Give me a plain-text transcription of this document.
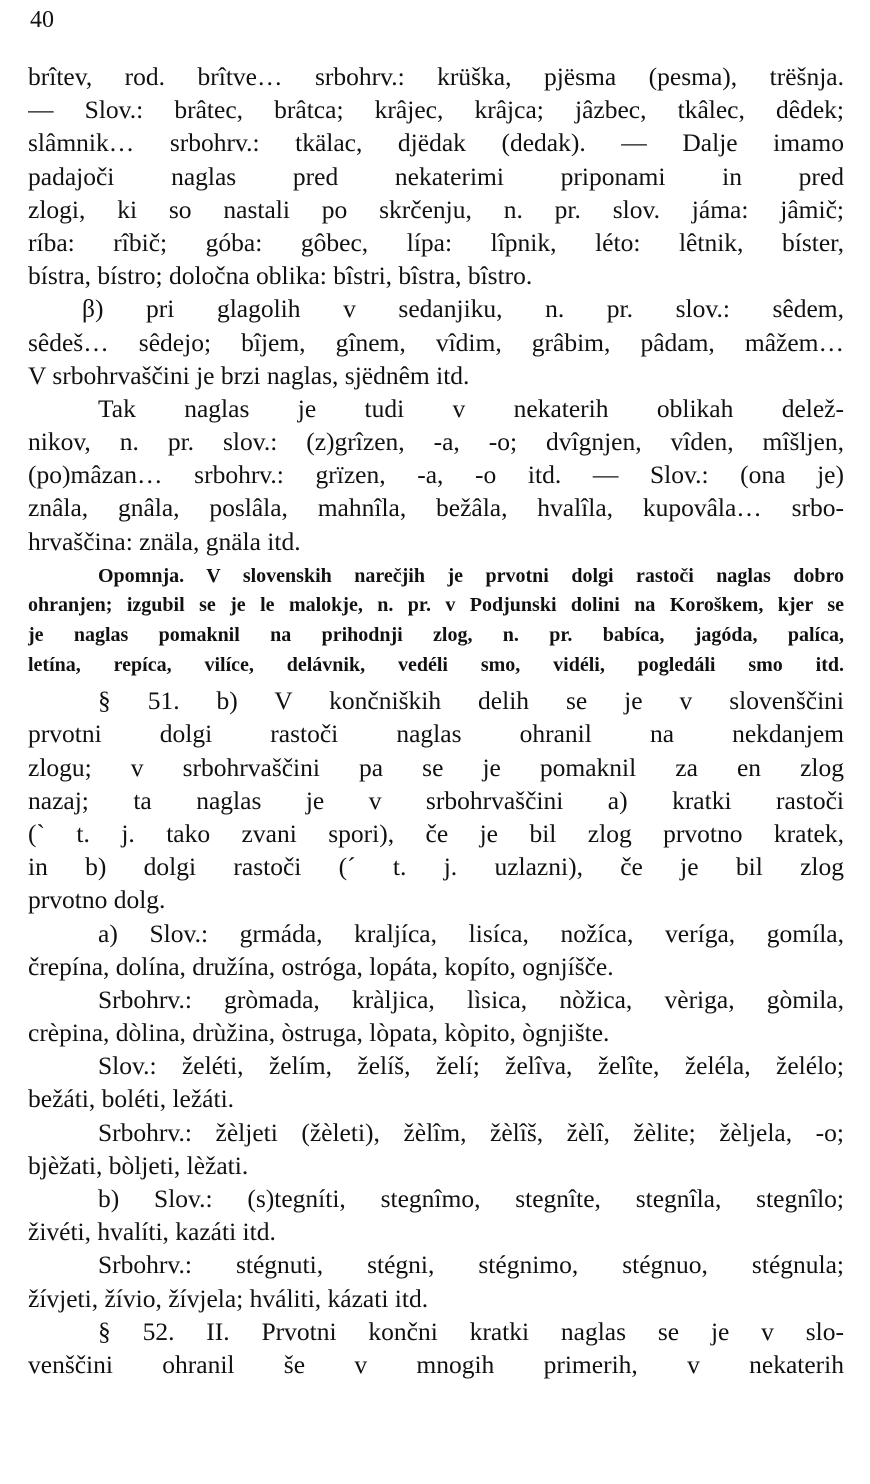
40
brîtev, rod. brîtve… srbohrv.: krüška, pjësma (pesma), trëšnja.
— Slov.: brâtec, brâtca; krâjec, krâjca; jâzbec, tkâlec, dêdek;
slâmnik… srbohrv.: tkälac, djëdak (dedak). — Dalje imamo
padajoči naglas pred nekaterimi priponami in pred
zlogi, ki so nastali po skrčenju, n. pr. slov. jáma: jâmič;
ríba: rîbič; góba: gôbec, lípa: lîpnik, léto: lêtnik, bíster,
bístra, bístro; določna oblika: bîstri, bîstra, bîstro.
β) pri glagolih v sedanjiku, n. pr. slov.: sêdem,
sêdeš… sêdejo; bîjem, gînem, vîdim, grâbim, pâdam, mâžem…
V srbohrvaščini je brzi naglas, sjëdnêm itd.
Tak naglas je tudi v nekaterih oblikah delež-
nikov, n. pr. slov.: (z)grîzen, -a, -o; dvîgnjen, vîden, mîšljen,
(po)mâzan… srbohrv.: grïzen, -a, -o itd. — Slov.: (ona je)
znâla, gnâla, poslâla, mahnîla, bežâla, hvalîla, kupovâla… srbo-
hrvaščina: znäla, gnäla itd.
Opomnja. V slovenskih narečjih je prvotni dolgi rastoči naglas dobro
ohranjen; izgubil se je le malokje, n. pr. v Podjunski dolini na Koroškem, kjer se
je naglas pomaknil na prihodnji zlog, n. pr. babíca, jagóda, palíca,
letína, repíca, vilíce, delávnik, vedéli smo, vidéli, pogledáli smo itd.
§ 51. b) V končniških delih se je v slovenščini
prvotni dolgi rastoči naglas ohranil na nekdanjem
zlogu; v srbohrvaščini pa se je pomaknil za en zlog
nazaj; ta naglas je v srbohrvaščini a) kratki rastoči
(` t. j. tako zvani spori), če je bil zlog prvotno kratek,
in b) dolgi rastoči (´ t. j. uzlazni), če je bil zlog
prvotno dolg.
a) Slov.: grmáda, kraljíca, lisíca, nožíca, veríga, gomíla,
črepína, dolína, družína, ostróga, lopáta, kopíto, ognjíšče.
Srbohrv.: gròmada, kràljica, lìsica, nòžica, vèriga, gòmila,
crèpina, dòlina, drùžina, òstruga, lòpata, kòpito, ògnjište.
Slov.: želéti, želím, želíš, želí; želîva, želîte, želéla, želélo;
bežáti, boléti, ležáti.
Srbohrv.: žèljeti (žèleti), žèlîm, žèlîš, žèlî, žèlite; žèljela, -o;
bjèžati, bòljeti, lèžati.
b) Slov.: (s)tegníti, stegnîmo, stegnîte, stegnîla, stegnîlo;
živéti, hvalíti, kazáti itd.
Srbohrv.: stégnuti, stégni, stégnimo, stégnuo, stégnula;
žívjeti, žívio, žívjela; hváliti, kázati itd.
§ 52. II. Prvotni končni kratki naglas se je v slo-
venščini ohranil še v mnogih primerih, v nekaterih
